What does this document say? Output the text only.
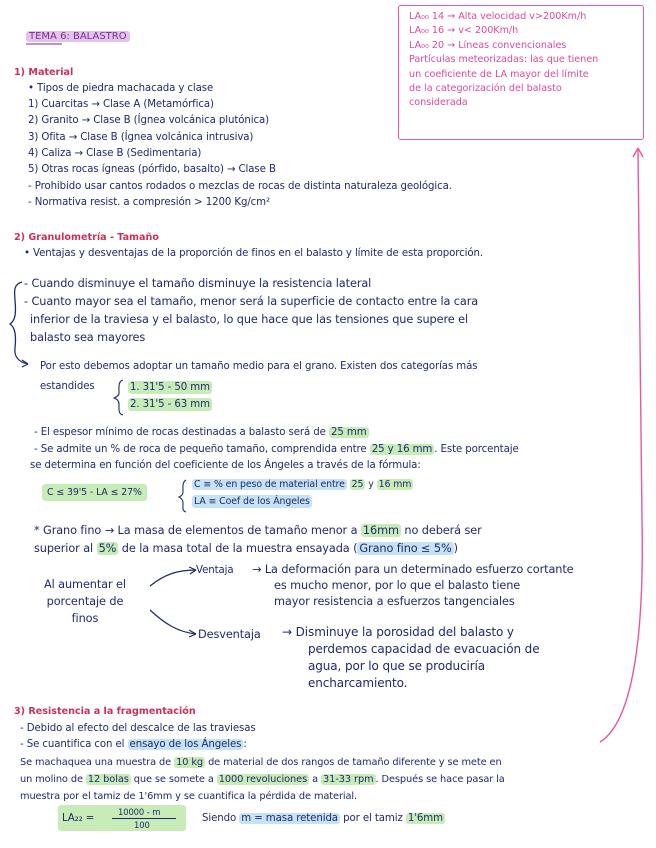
TEMA 6: BALASTRO
LA₀₀ 14 → Alta velocidad v>200Km/h
LA₀₀ 16 → v< 200Km/h
LA₀₀ 20 → Líneas convencionales
Partículas meteorizadas: las que tienen
un coeficiente de LA mayor del límite
de la categorización del balasto
considerada
1) Material
• Tipos de piedra machacada y clase
1) Cuarcitas → Clase A (Metamórfica)
2) Granito → Clase B (Ígnea volcánica plutónica)
3) Ofita → Clase B (Ígnea volcánica intrusiva)
4) Caliza → Clase B (Sedimentaria)
5) Otras rocas ígneas (pórfido, basalto) → Clase B
- Prohibido usar cantos rodados o mezclas de rocas de distinta naturaleza geológica.
- Normativa resist. a compresión > 1200 Kg/cm²
2) Granulometría - Tamaño
• Ventajas y desventajas de la proporción de finos en el balasto y límite de esta proporción.
- Cuando disminuye el tamaño disminuye la resistencia lateral
- Cuanto mayor sea el tamaño, menor será la superficie de contacto entre la cara
inferior de la traviesa y el balasto, lo que hace que las tensiones que supere el
balasto sea mayores
Por esto debemos adoptar un tamaño medio para el grano. Existen dos categorías más
estandides	1. 31'5 - 50 mm
2. 31'5 - 63 mm
- El espesor mínimo de rocas destinadas a balasto será de 25 mm
- Se admite un % de roca de pequeño tamaño, comprendida entre 25 y 16 mm . Este porcentaje
se determina en función del coeficiente de los Ángeles a través de la fórmula:
C ≤ 39'5 - LA ≤ 27%
C ≡ % en peso de material entre 25 y 16 mm
LA ≡ Coef de los Ángeles
* Grano fino → La masa de elementos de tamaño menor a 16mm no deberá ser
superior al 5% de la masa total de la muestra ensayada ( Grano fino ≤ 5% )
Al aumentar el
porcentaje de
finos
Ventaja → La deformación para un determinado esfuerzo cortante
es mucho menor, por lo que el balasto tiene
mayor resistencia a esfuerzos tangenciales
Desventaja → Disminuye la porosidad del balasto y
perdemos capacidad de evacuación de
agua, por lo que se produciría
encharcamiento.
3) Resistencia a la fragmentación
- Debido al efecto del descalce de las traviesas
- Se cuantifica con el ensayo de los Ángeles :
Se machaquea una muestra de 10 kg de material de dos rangos de tamaño diferente y se mete en
un molino de 12 bolas que se somete a 1000 revoluciones a 31-33 rpm . Después se hace pasar la
muestra por el tamiz de 1'6mm y se cuantifica la pérdida de material.
LA₂₂ =
10000 - m
100
Siendo m = masa retenida por el tamiz 1'6mm
